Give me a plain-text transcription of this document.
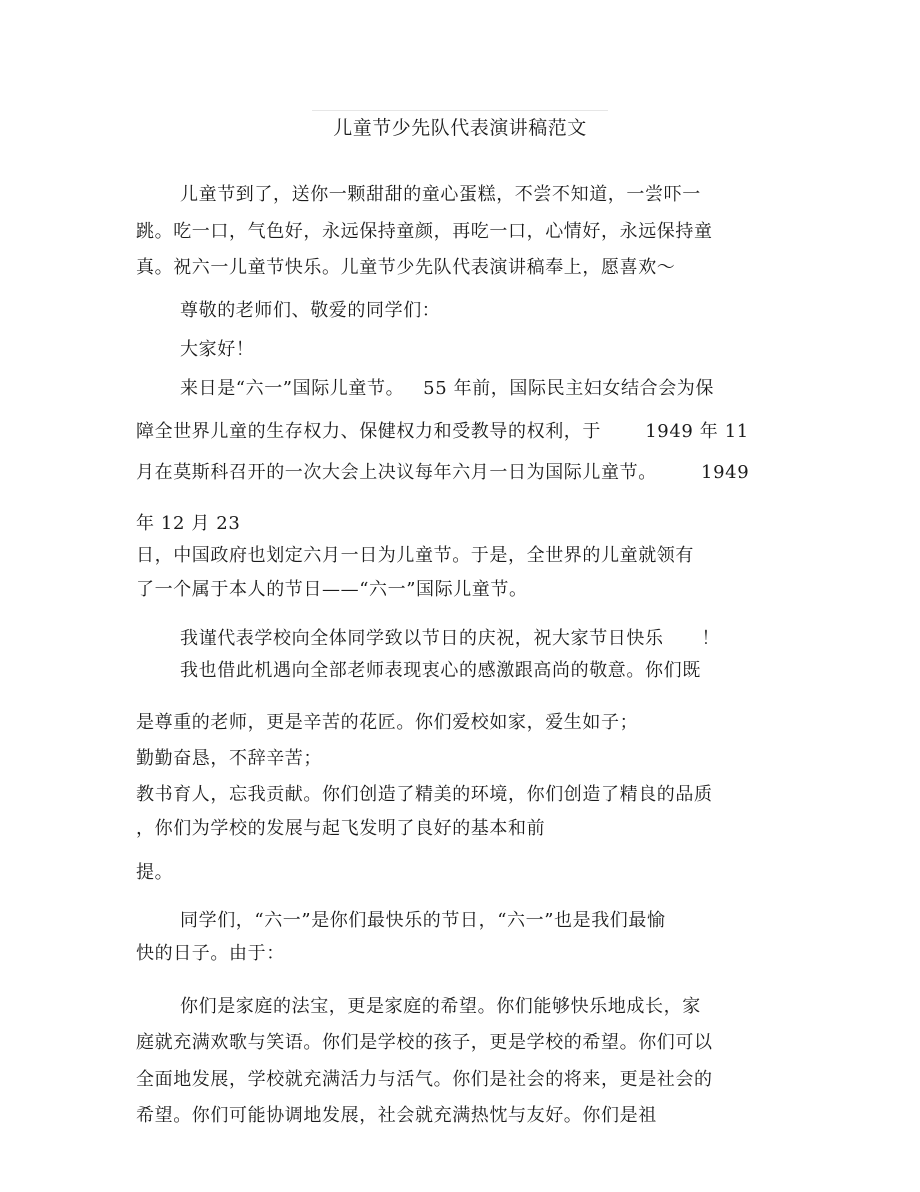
儿童节少先队代表演讲稿范文
儿童节到了，送你一颗甜甜的童心蛋糕，不尝不知道，一尝吓一
跳。吃一口，气色好，永远保持童颜，再吃一口，心情好，永远保持童
真。祝六一儿童节快乐。儿童节少先队代表演讲稿奉上，愿喜欢～
尊敬的老师们、敬爱的同学们：
大家好！
来日是“六一”国际儿童节。   55 年前，国际民主妇女结合会为保
障全世界儿童的生存权力、保健权力和受教导的权利，于       1949 年 11
月在莫斯科召开的一次大会上决议每年六月一日为国际儿童节。       1949
年 12 月 23
日，中国政府也划定六月一日为儿童节。于是，全世界的儿童就领有
了一个属于本人的节日——“六一”国际儿童节。
我谨代表学校向全体同学致以节日的庆祝，祝大家节日快乐      ！
我也借此机遇向全部老师表现衷心的感激跟高尚的敬意。你们既
是尊重的老师，更是辛苦的花匠。你们爱校如家，爱生如子；
勤勤奋恳，不辞辛苦；
教书育人，忘我贡献。你们创造了精美的环境，你们创造了精良的品质
，你们为学校的发展与起飞发明了良好的基本和前
提。
同学们，“六一”是你们最快乐的节日，“六一”也是我们最愉
快的日子。由于：
你们是家庭的法宝，更是家庭的希望。你们能够快乐地成长，家
庭就充满欢歌与笑语。你们是学校的孩子，更是学校的希望。你们可以
全面地发展，学校就充满活力与活气。你们是社会的将来，更是社会的
希望。你们可能协调地发展，社会就充满热忱与友好。你们是祖
